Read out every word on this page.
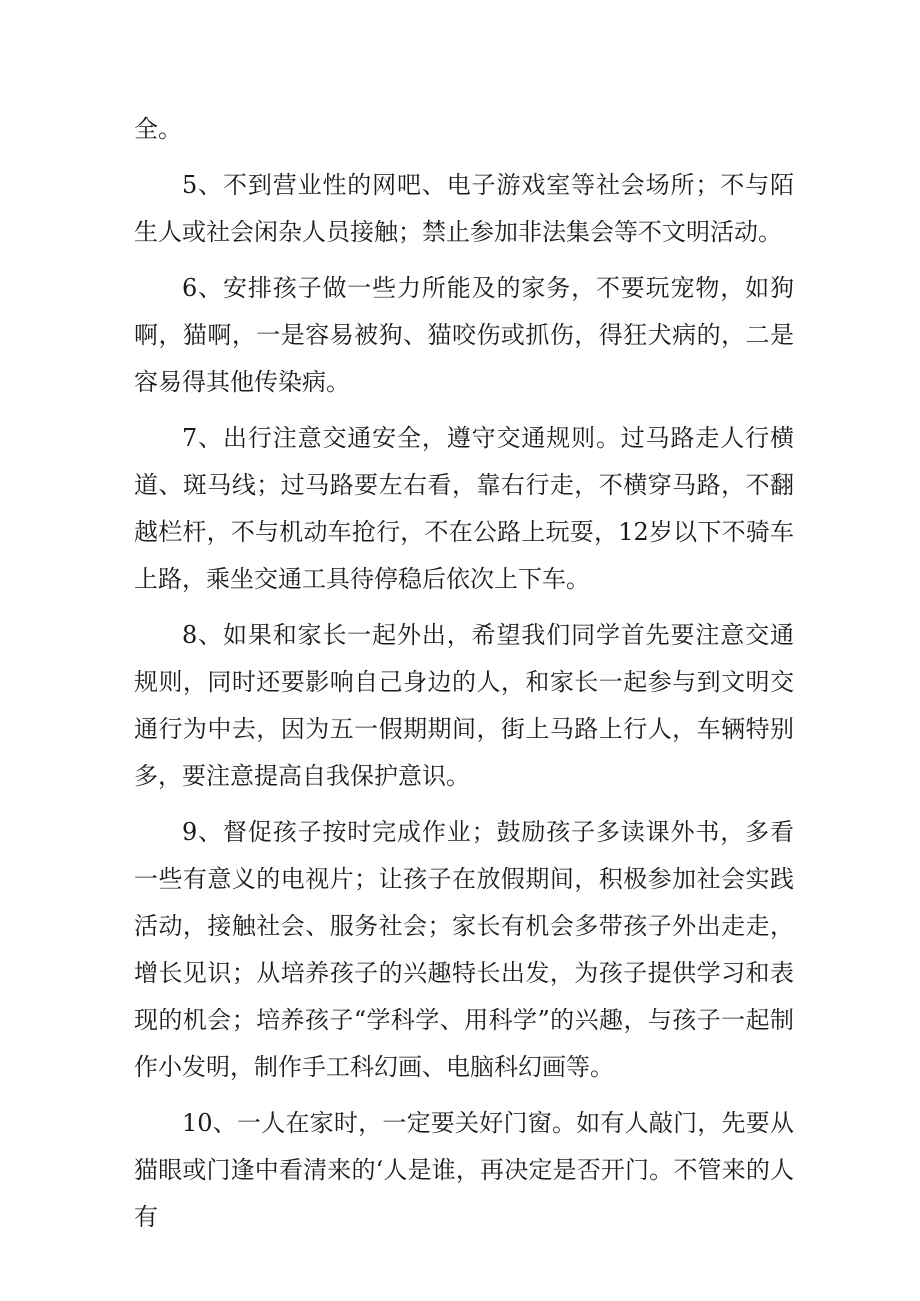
全。

5、不到营业性的网吧、电子游戏室等社会场所；不与陌生人或社会闲杂人员接触；禁止参加非法集会等不文明活动。

6、安排孩子做一些力所能及的家务，不要玩宠物，如狗啊，猫啊，一是容易被狗、猫咬伤或抓伤，得狂犬病的，二是容易得其他传染病。

7、出行注意交通安全，遵守交通规则。过马路走人行横道、斑马线；过马路要左右看，靠右行走，不横穿马路，不翻越栏杆，不与机动车抢行，不在公路上玩耍，12岁以下不骑车上路，乘坐交通工具待停稳后依次上下车。

8、如果和家长一起外出，希望我们同学首先要注意交通规则，同时还要影响自己身边的人，和家长一起参与到文明交通行为中去，因为五一假期期间，街上马路上行人，车辆特别多，要注意提高自我保护意识。

9、督促孩子按时完成作业；鼓励孩子多读课外书，多看一些有意义的电视片；让孩子在放假期间，积极参加社会实践活动，接触社会、服务社会；家长有机会多带孩子外出走走，增长见识；从培养孩子的兴趣特长出发，为孩子提供学习和表现的机会；培养孩子“学科学、用科学”的兴趣，与孩子一起制作小发明，制作手工科幻画、电脑科幻画等。

10、一人在家时，一定要关好门窗。如有人敲门，先要从猫眼或门逢中看清来的‘人是谁，再决定是否开门。不管来的人有
